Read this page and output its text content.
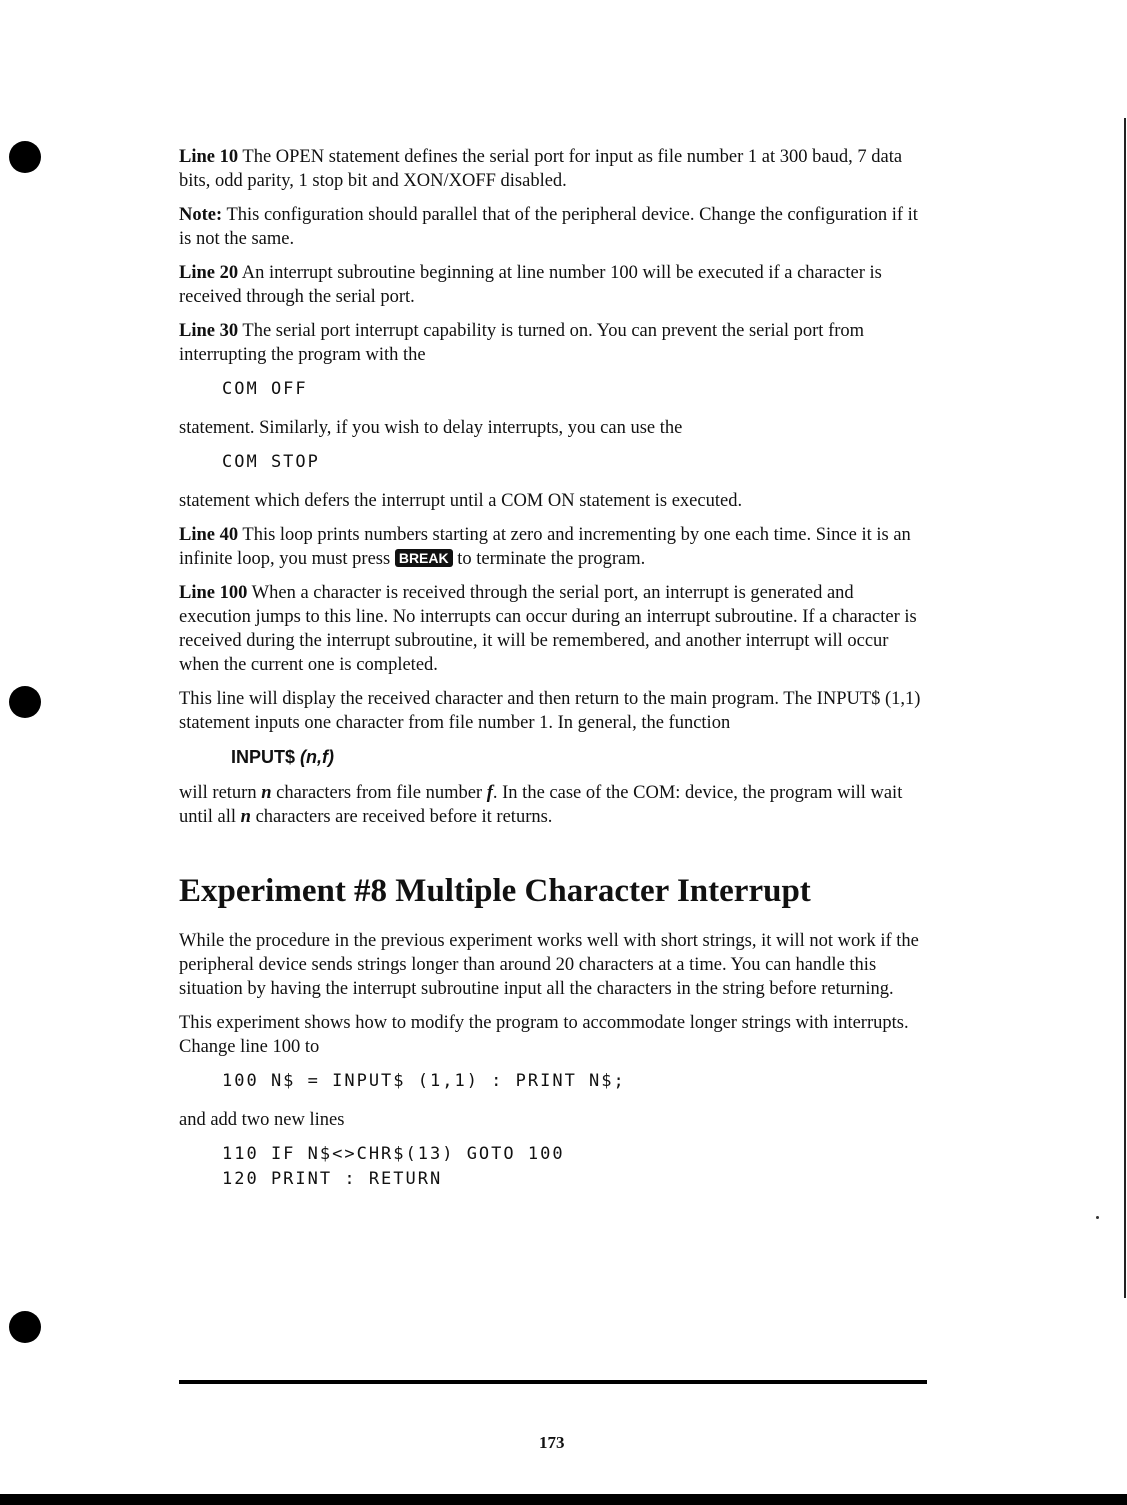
Line 10 The OPEN statement defines the serial port for input as file number 1 at 300 baud, 7 data bits, odd parity, 1 stop bit and XON/XOFF disabled.

Note: This configuration should parallel that of the peripheral device. Change the configuration if it is not the same.

Line 20 An interrupt subroutine beginning at line number 100 will be executed if a character is received through the serial port.

Line 30 The serial port interrupt capability is turned on. You can prevent the serial port from interrupting the program with the

COM OFF

statement. Similarly, if you wish to delay interrupts, you can use the

COM STOP

statement which defers the interrupt until a COM ON statement is executed.

Line 40 This loop prints numbers starting at zero and incrementing by one each time. Since it is an infinite loop, you must press BREAK to terminate the program.

Line 100 When a character is received through the serial port, an interrupt is generated and execution jumps to this line. No interrupts can occur during an interrupt subroutine. If a character is received during the interrupt subroutine, it will be remembered, and another interrupt will occur when the current one is completed.

This line will display the received character and then return to the main program. The INPUT$ (1,1) statement inputs one character from file number 1. In general, the function

INPUT$ (n,f)

will return n characters from file number f. In the case of the COM: device, the program will wait until all n characters are received before it returns.

Experiment #8 Multiple Character Interrupt

While the procedure in the previous experiment works well with short strings, it will not work if the peripheral device sends strings longer than around 20 characters at a time. You can handle this situation by having the interrupt subroutine input all the characters in the string before returning.

This experiment shows how to modify the program to accommodate longer strings with interrupts. Change line 100 to

100 N$ = INPUT$ (1,1) : PRINT N$;

and add two new lines

110 IF N$<>CHR$(13) GOTO 100
120 PRINT : RETURN
173
